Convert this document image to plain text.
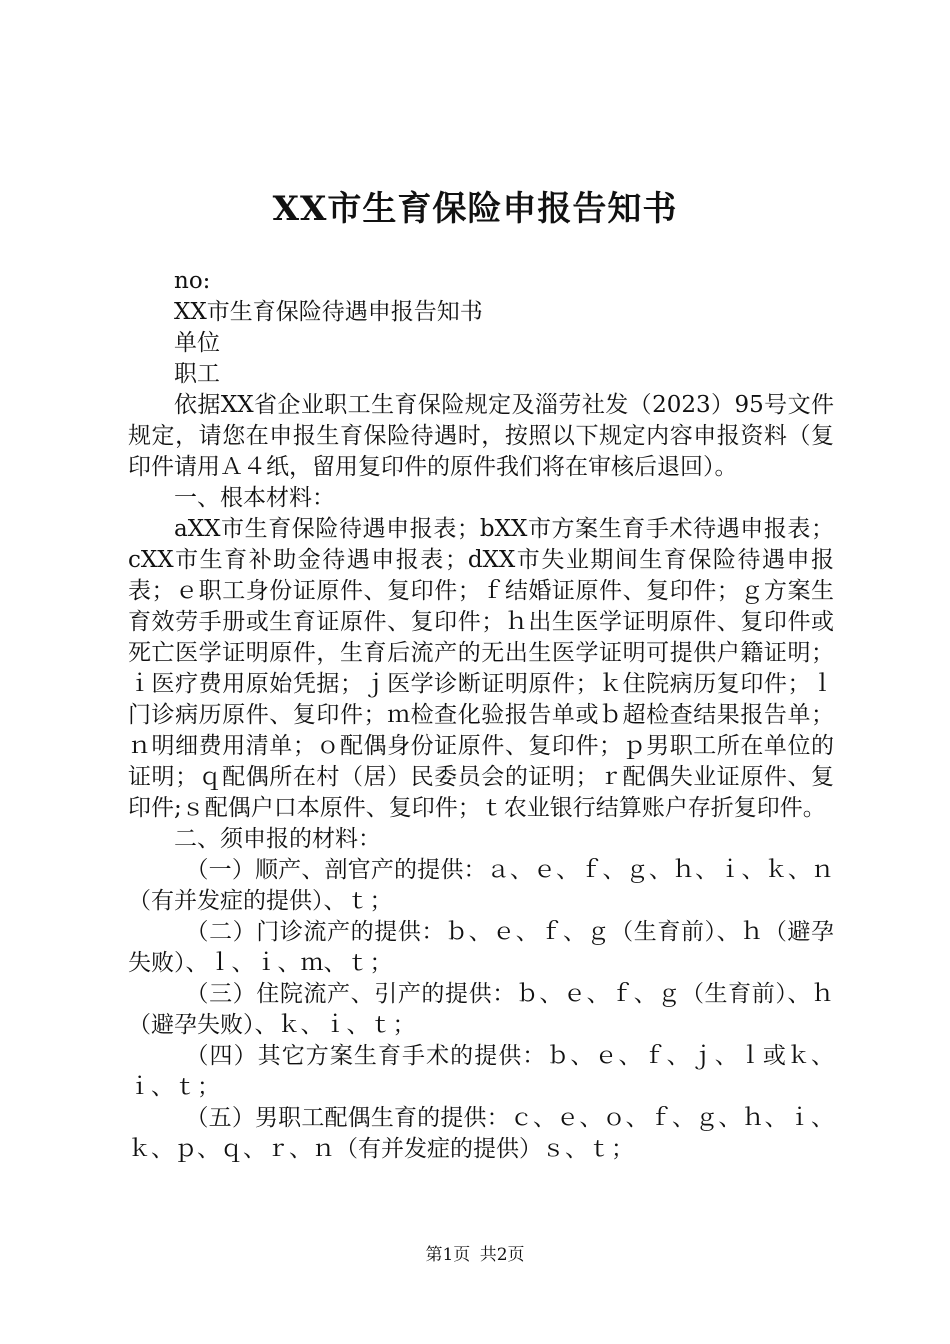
XX市生育保险申报告知书

no:

XX市生育保险待遇申报告知书

单位

职工

依据XX省企业职工生育保险规定及淄劳社发（2023）95号文件规定，请您在申报生育保险待遇时，按照以下规定内容申报资料（复印件请用Ａ４纸，留用复印件的原件我们将在审核后退回）。

一、根本材料：

aXX市生育保险待遇申报表；bXX市方案生育手术待遇申报表；cXX市生育补助金待遇申报表；dXX市失业期间生育保险待遇申报表；ｅ职工身份证原件、复印件；ｆ结婚证原件、复印件；ｇ方案生育效劳手册或生育证原件、复印件；ｈ出生医学证明原件、复印件或死亡医学证明原件，生育后流产的无出生医学证明可提供户籍证明；ｉ医疗费用原始凭据；ｊ医学诊断证明原件；ｋ住院病历复印件；ｌ门诊病历原件、复印件；ｍ检查化验报告单或ｂ超检查结果报告单；ｎ明细费用清单；ｏ配偶身份证原件、复印件；ｐ男职工所在单位的证明；ｑ配偶所在村（居）民委员会的证明；ｒ配偶失业证原件、复印件;ｓ配偶户口本原件、复印件；ｔ农业银行结算账户存折复印件。

二、须申报的材料：

（一）顺产、剖官产的提供：ａ、ｅ、ｆ、ｇ、ｈ、ｉ、ｋ、ｎ（有并发症的提供）、ｔ；

（二）门诊流产的提供：ｂ、ｅ、ｆ、ｇ（生育前）、ｈ（避孕失败）、ｌ、ｉ、ｍ、ｔ；

（三）住院流产、引产的提供：ｂ、ｅ、ｆ、ｇ（生育前）、ｈ（避孕失败）、ｋ、ｉ、ｔ；

（四）其它方案生育手术的提供：ｂ、ｅ、ｆ、ｊ、ｌ或ｋ、ｉ、ｔ；

（五）男职工配偶生育的提供：ｃ、ｅ、ｏ、ｆ、ｇ、ｈ、ｉ、ｋ、ｐ、ｑ、ｒ、ｎ（有并发症的提供）ｓ、ｔ；

第1页 共2页
